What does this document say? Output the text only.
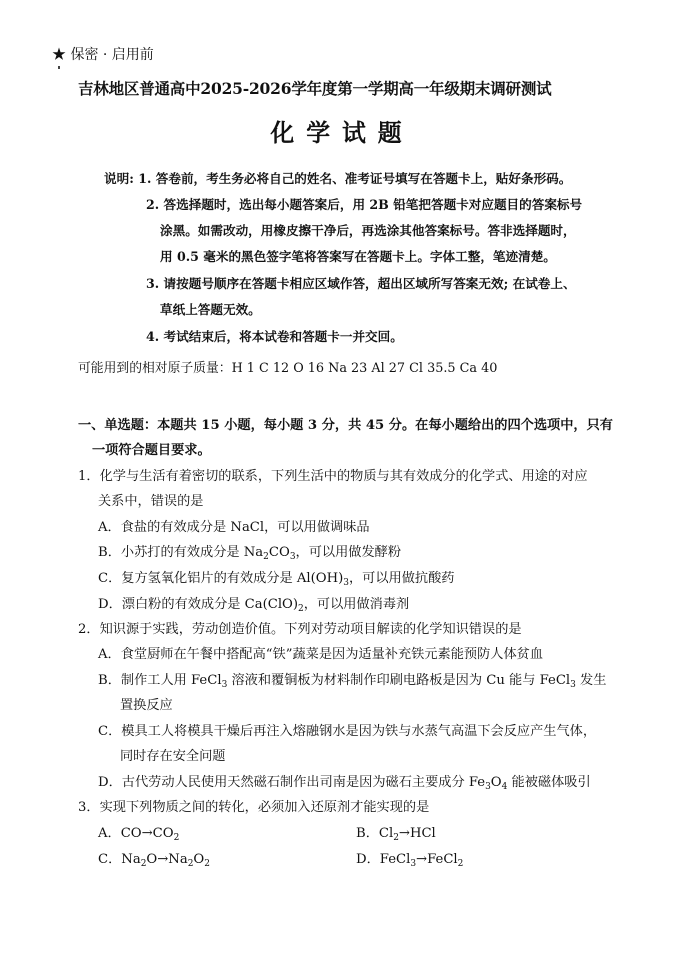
★ 保密 · 启用前
吉林地区普通高中2025-2026学年度第一学期高一年级期末调研测试
化学试题
说明: 1. 答卷前，考生务必将自己的姓名、准考证号填写在答题卡上，贴好条形码。
2. 答选择题时，选出每小题答案后，用 2B 铅笔把答题卡对应题目的答案标号
涂黑。如需改动，用橡皮擦干净后，再选涂其他答案标号。答非选择题时，
用 0.5 毫米的黑色签字笔将答案写在答题卡上。字体工整，笔迹清楚。
3. 请按题号顺序在答题卡相应区域作答，超出区域所写答案无效; 在试卷上、
草纸上答题无效。
4. 考试结束后，将本试卷和答题卡一并交回。
可能用到的相对原子质量：H 1 C 12 O 16 Na 23 Al 27 Cl 35.5 Ca 40
一、单选题：本题共 15 小题，每小题 3 分，共 45 分。在每小题给出的四个选项中，只有
一项符合题目要求。
1．化学与生活有着密切的联系，下列生活中的物质与其有效成分的化学式、用途的对应
关系中，错误的是
A．食盐的有效成分是 NaCl，可以用做调味品
B．小苏打的有效成分是 $Na_2CO_3$，可以用做发酵粉
C．复方氢氧化铝片的有效成分是 $Al(OH)_3$，可以用做抗酸药
D．漂白粉的有效成分是 $Ca(ClO)_2$，可以用做消毒剂
2．知识源于实践，劳动创造价值。下列对劳动项目解读的化学知识错误的是
A．食堂厨师在午餐中搭配高“铁”蔬菜是因为适量补充铁元素能预防人体贫血
B．制作工人用 FeCl$_3$ 溶液和覆铜板为材料制作印刷电路板是因为 Cu 能与 FeCl$_3$ 发生
置换反应
C．模具工人将模具干燥后再注入熔融钢水是因为铁与水蒸气高温下会反应产生气体，
同时存在安全问题
D．古代劳动人民使用天然磁石制作出司南是因为磁石主要成分 $Fe_3O_4$ 能被磁体吸引
3．实现下列物质之间的转化，必须加入还原剂才能实现的是
A．$CO\to CO_2$	B．$Cl_2\to HCl$
C．$Na_2O\to Na_2O_2$	D．FeCl$_3$→FeCl$_2$
